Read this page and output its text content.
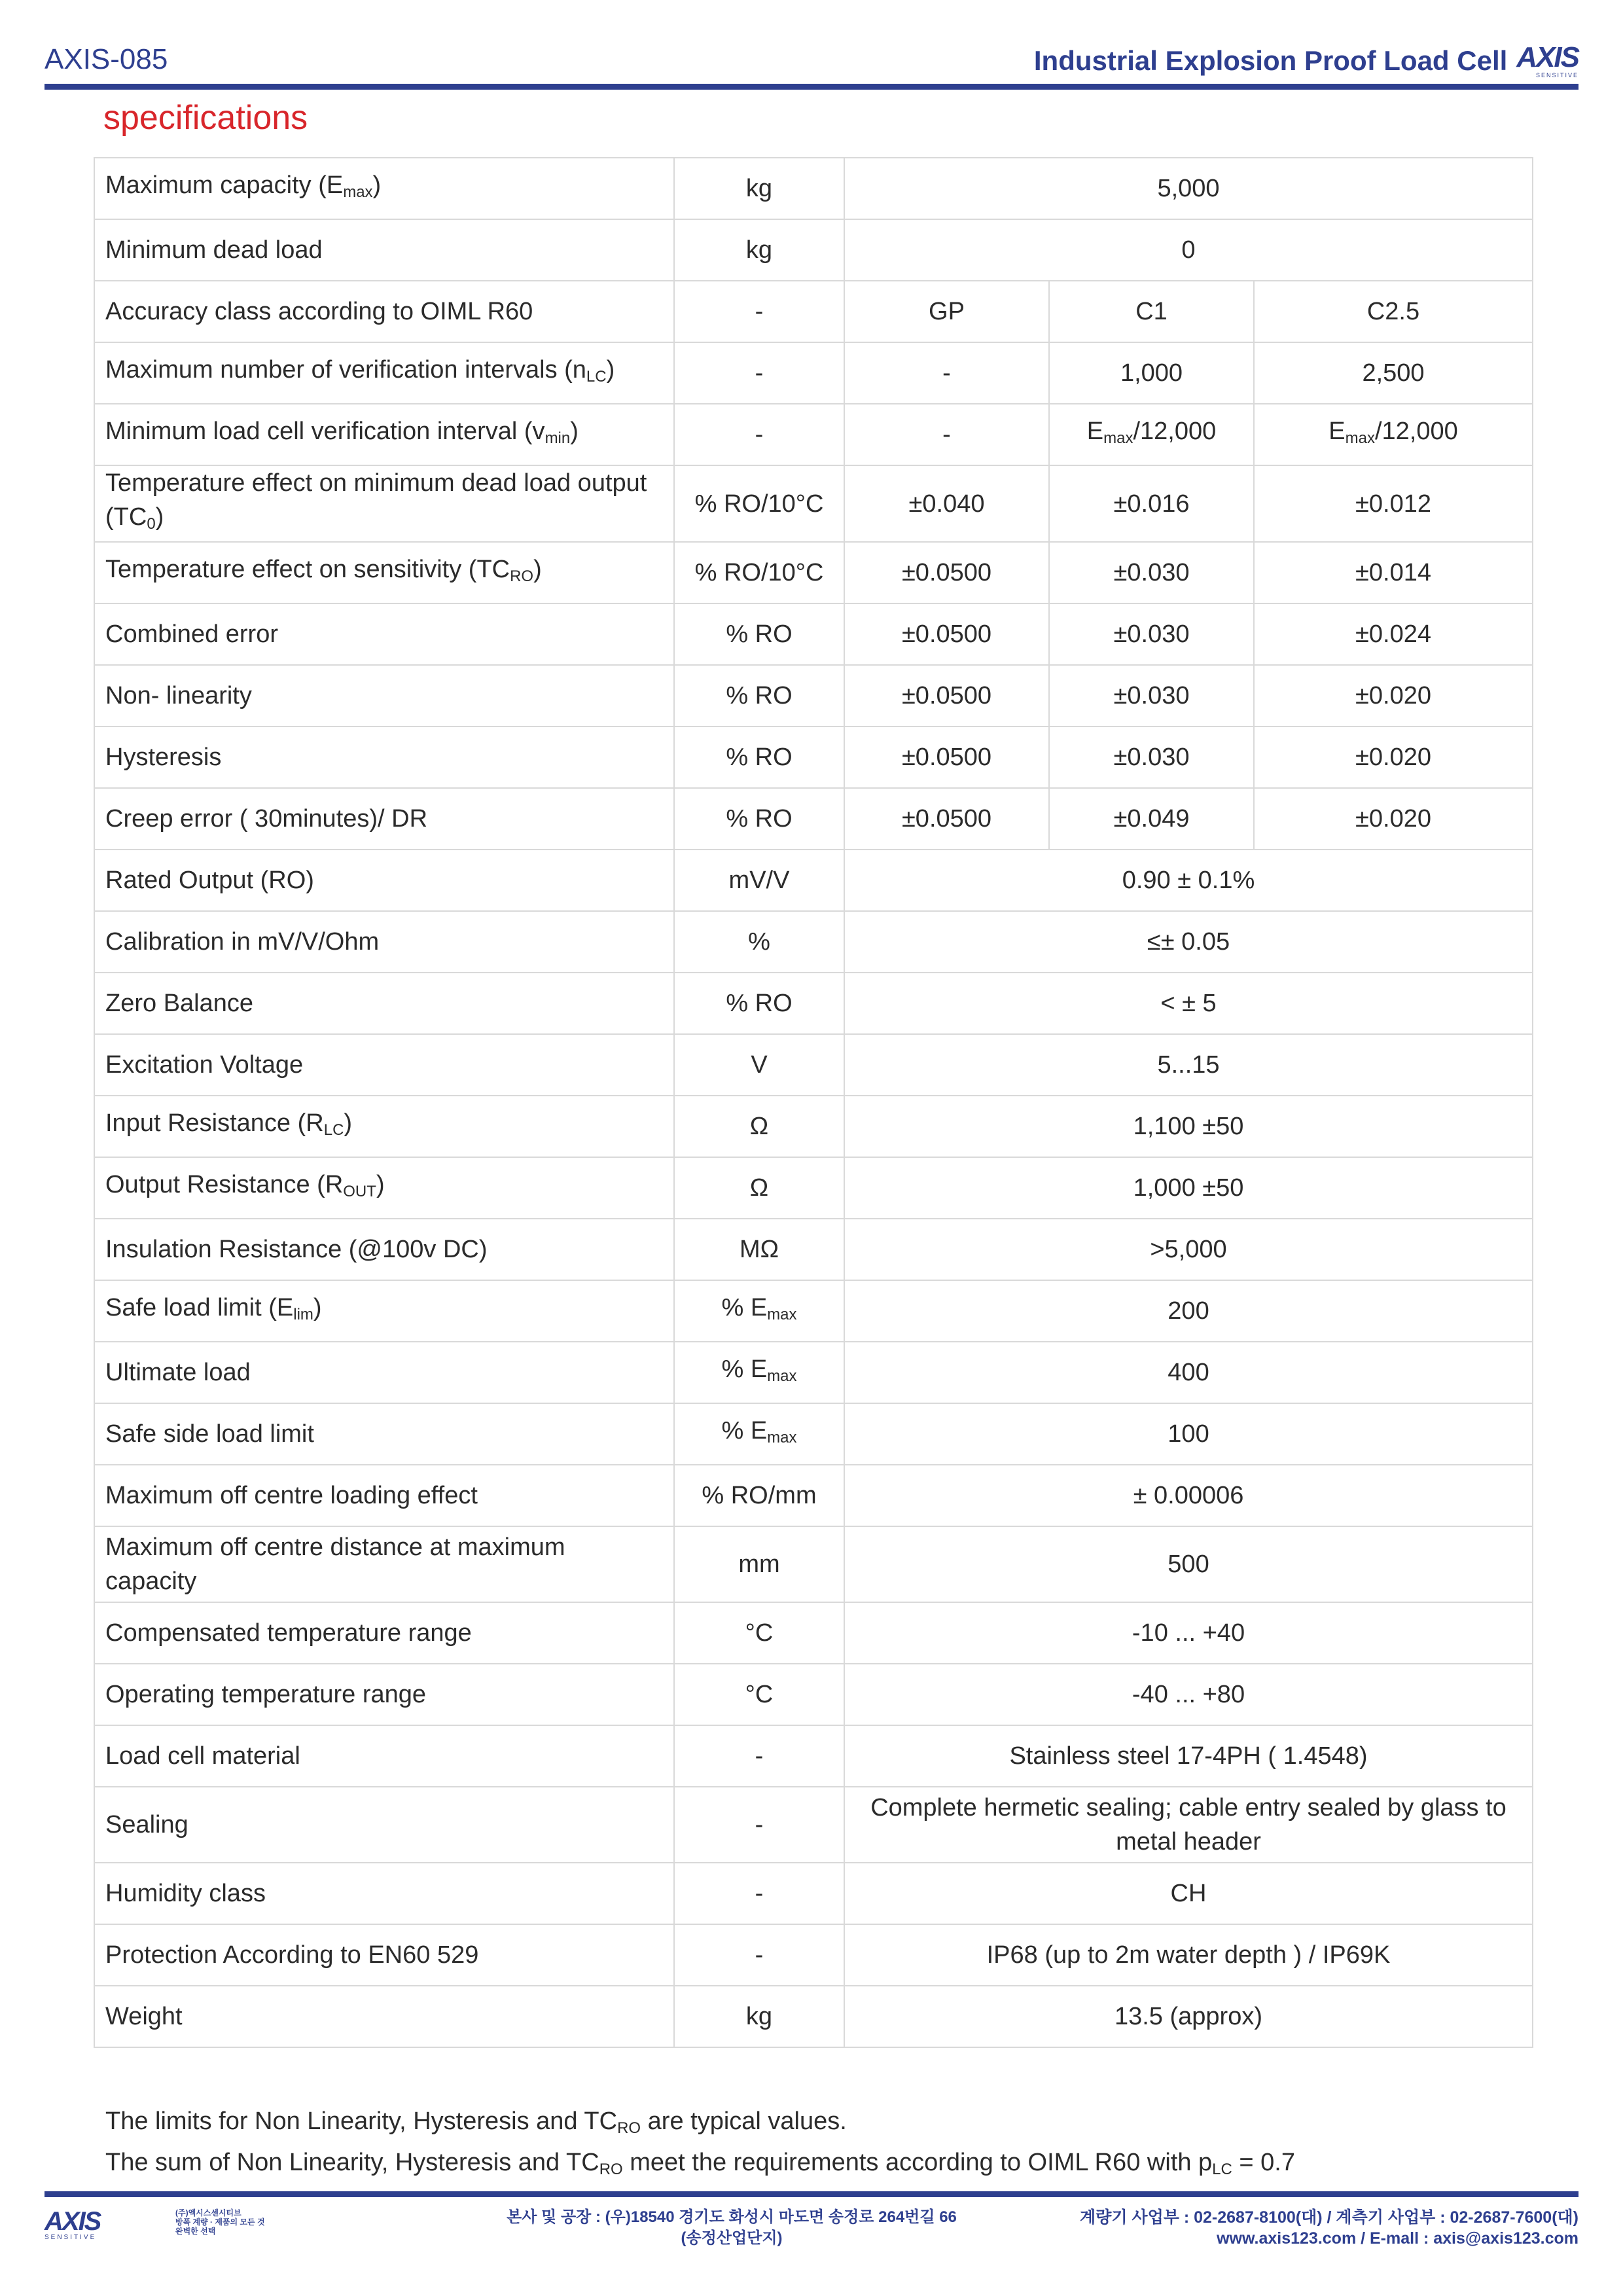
AXIS-085	Industrial Explosion Proof Load Cell AXIS
SENSITIVE
specifications
Maximum capacity $(E_{max})$	kg	5,000		
Minimum dead load	kg	0		
Accuracy class according to OIML R60	-	GP	C1	C2.5
Maximum number of verification intervals $(n_{LC})$	-	-	1,000	2,500
Minimum load cell verification interval $(v_{min})$	-	-	$E_{max}/12,000$	$E_{max}/12,000$
Temperature effect on minimum dead load output $(TC_0)$	% RO/10°C	±0.040	±0.016	±0.012
Temperature effect on sensitivity $(TC_{RO})$	% RO/10°C	±0.0500	±0.030	±0.014
Combined error	% RO	±0.0500	±0.030	±0.024
Non- linearity	% RO	±0.0500	±0.030	±0.020
Hysteresis	% RO	±0.0500	±0.030	±0.020
Creep error ( 30minutes)/ DR	% RO	±0.0500	±0.049	±0.020
Rated Output (RO)	mV/V	0.90 ± 0.1%		
Calibration in mV/V/Ohm	%	≤± 0.05		
Zero Balance	% RO	< ± 5		
Excitation Voltage	V	5...15		
Input Resistance $(R_{LC})$	Ω	1,100 ±50		
Output Resistance $(R_{OUT})$	Ω	1,000 ±50		
Insulation Resistance (@100v DC)	MΩ	>5,000		
Safe load limit $(E_{lim})$	% $E_{max}$	200		
Ultimate load	% $E_{max}$	400		
Safe side load limit	% $E_{max}$	100		
Maximum off centre loading effect	% RO/mm	± 0.00006		
Maximum off centre distance at maximum capacity	mm	500		
Compensated temperature range	°C	-10 ... +40		
Operating temperature range	°C	-40 ... +80		
Load cell material	-	Stainless steel 17-4PH ( 1.4548)		
Sealing	-	Complete hermetic sealing; cable entry sealed by glass to metal header		
Humidity class	-	CH		
Protection According to EN60 529	-	IP68 (up to 2m water depth ) / IP69K		
Weight	kg	13.5 (approx)		
The limits for Non Linearity, Hysteresis and $TC_{RO}$ are typical values.
The sum of Non Linearity, Hysteresis and $TC_{RO}$ meet the requirements according to OIML R60 with $p_{LC} = 0.7$
AXIS
SENSITIVE
(주)엑시스센시티브
방폭 계량 · 제품의 모든 것
완벽한 선택
본사 및 공장 : (우)18540 경기도 화성시 마도면 송정로 264번길 66
(송정산업단지)
계량기 사업부 : 02-2687-8100(대) / 계측기 사업부 : 02-2687-7600(대)
www.axis123.com / E-mall : axis@axis123.com
